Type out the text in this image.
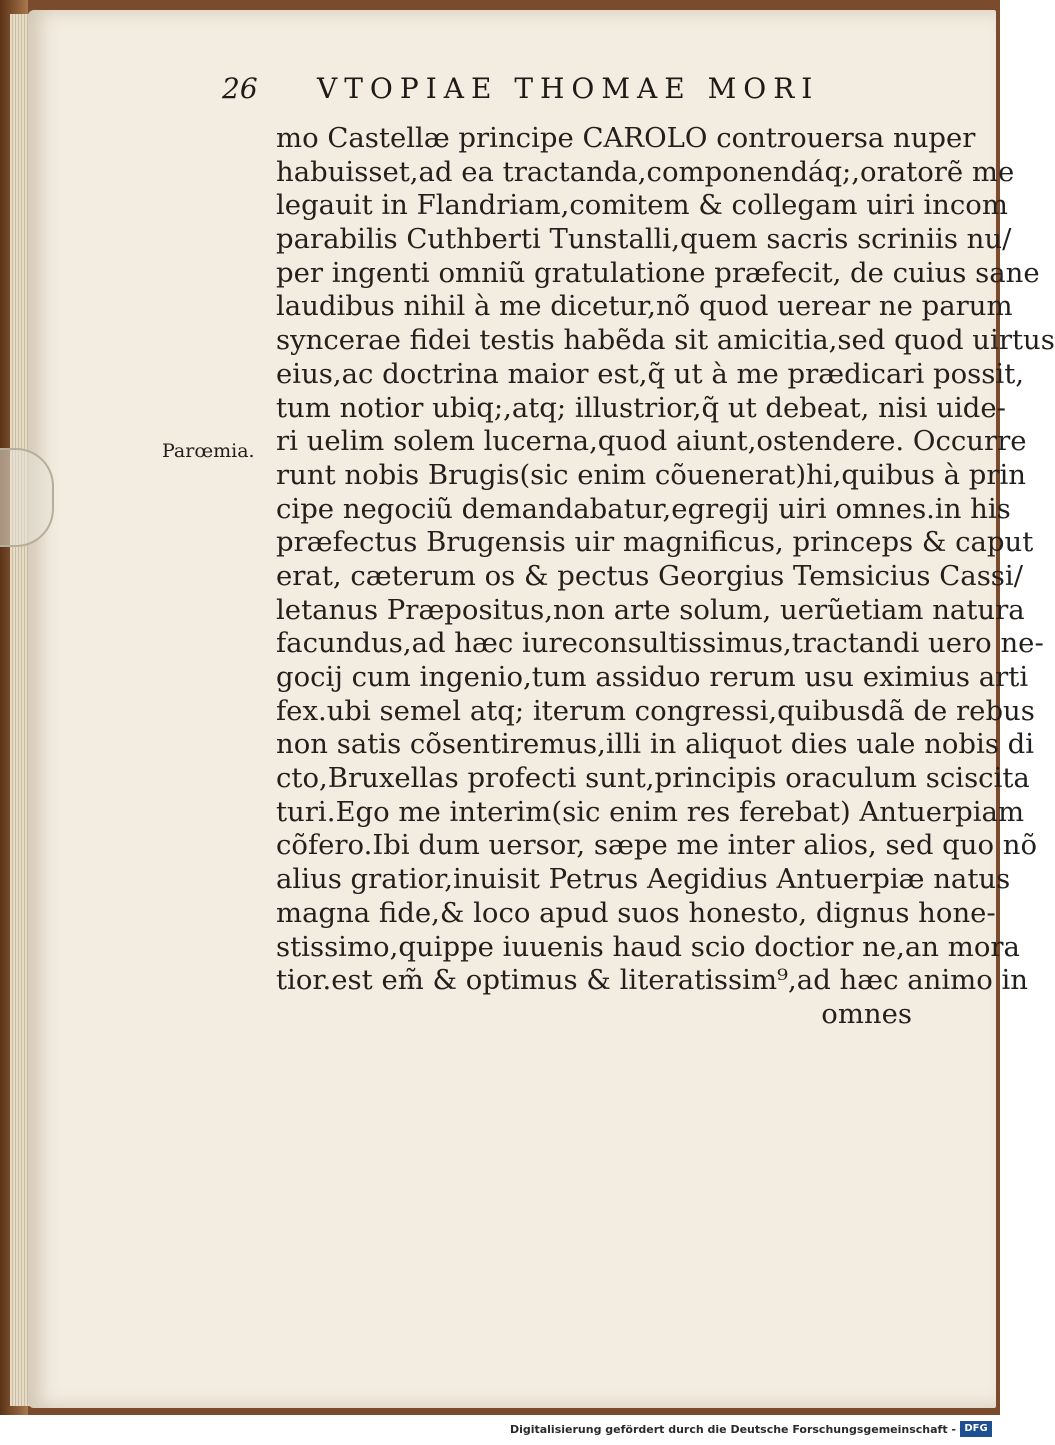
26 VTOPIAE THOMAE MORI
Parœmia.
mo Castellæ principe CAROLO controuersa nuper
habuisset,ad ea tractanda,componendáq;,oratorẽ me
legauit in Flandriam,comitem & collegam uiri incom
parabilis Cuthberti Tunstalli,quem sacris scriniis nu/
per ingenti omniũ gratulatione præfecit, de cuius sane
laudibus nihil à me dicetur,nõ quod uerear ne parum
syncerae fidei testis habẽda sit amicitia,sed quod uirtus
eius,ac doctrina maior est,q̃ ut à me prædicari possit,
tum notior ubiq;,atq; illustrior,q̃ ut debeat, nisi uide-
ri uelim solem lucerna,quod aiunt,ostendere. Occurre
runt nobis Brugis(sic enim cõuenerat)hi,quibus à prin
cipe negociũ demandabatur,egregij uiri omnes.in his
præfectus Brugensis uir magnificus, princeps & caput
erat, cæterum os & pectus Georgius Temsicius Cassi/
letanus Præpositus,non arte solum, uerũetiam natura
facundus,ad hæc iureconsultissimus,tractandi uero ne-
gocij cum ingenio,tum assiduo rerum usu eximius arti
fex.ubi semel atq; iterum congressi,quibusdã de rebus
non satis cõsentiremus,illi in aliquot dies uale nobis di
cto,Bruxellas profecti sunt,principis oraculum sciscita
turi.Ego me interim(sic enim res ferebat) Antuerpiam
cõfero.Ibi dum uersor, sæpe me inter alios, sed quo nõ
alius gratior,inuisit Petrus Aegidius Antuerpiæ natus
magna fide,& loco apud suos honesto, dignus hone-
stissimo,quippe iuuenis haud scio doctior ne,an mora
tior.est em̃ & optimus & literatissim⁹,ad hæc animo in
omnes
Digitalisierung gefördert durch die Deutsche Forschungsgemeinschaft - DFG
